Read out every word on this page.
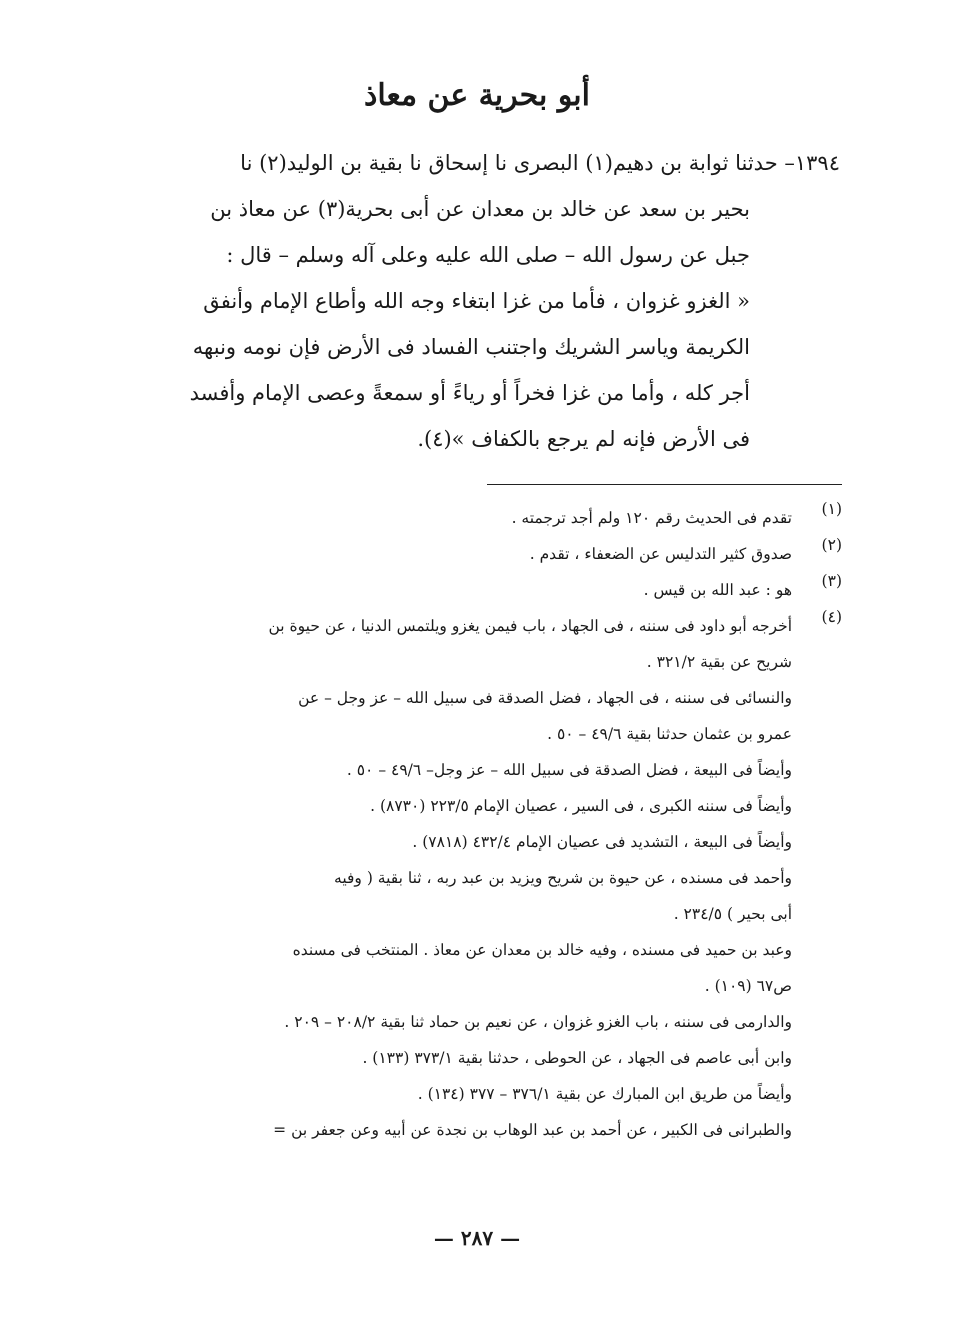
أبو بحرية عن معاذ
١٣٩٤– حدثنا ثوابة بن دهيم(١) البصرى نا إسحاق نا بقية بن الوليد(٢) نا
بحير بن سعد عن خالد بن معدان عن أبى بحرية(٣) عن معاذ بن
جبل عن رسول الله – صلى الله عليه وعلى آله وسلم – قال :
« الغزو غزوان ، فأما من غزا ابتغاء وجه الله وأطاع الإمام وأنفق
الكريمة وياسر الشريك واجتنب الفساد فى الأرض فإن نومه ونبهه
أجر كله ، وأما من غزا فخراً أو رياءً أو سمعةً وعصى الإمام وأفسد
فى الأرض فإنه لم يرجع بالكفاف »(٤).
(١)
تقدم فى الحديث رقم ١٢٠ ولم أجد ترجمته .
(٢)
صدوق كثير التدليس عن الضعفاء ، تقدم .
(٣)
هو : عبد الله بن قيس .
(٤)
أخرجه أبو داود فى سننه ، فى الجهاد ، باب فيمن يغزو ويلتمس الدنيا ، عن حيوة بن
شريح عن بقية ٣٢١/٢ .
والنسائى فى سننه ، فى الجهاد ، فضل الصدقة فى سبيل الله – عز وجل – عن
عمرو بن عثمان حدثنا بقية ٤٩/٦ – ٥٠ .
وأيضاً فى البيعة ، فضل الصدقة فى سبيل الله – عز وجل– ٤٩/٦ – ٥٠ .
وأيضاً فى سننه الكبرى ، فى السير ، عصيان الإمام ٢٢٣/٥ (٨٧٣٠) .
وأيضاً فى البيعة ، التشديد فى عصيان الإمام ٤٣٢/٤ (٧٨١٨) .
وأحمد فى مسنده ، عن حيوة بن شريح ويزيد بن عبد ربه ، ثنا بقية ( وفيه
أبى بحير ) ٢٣٤/٥ .
وعبد بن حميد فى مسنده ، وفيه خالد بن معدان عن معاذ . المنتخب فى مسنده
ص٦٧ (١٠٩) .
والدارمى فى سننه ، باب الغزو غزوان ، عن نعيم بن حماد ثنا بقية ٢٠٨/٢ – ٢٠٩ .
وابن أبى عاصم فى الجهاد ، عن الحوطى ، حدثنا بقية ٣٧٣/١ (١٣٣) .
وأيضاً من طريق ابن المبارك عن بقية ٣٧٦/١ – ٣٧٧ (١٣٤) .
والطبرانى فى الكبير ، عن أحمد بن عبد الوهاب بن نجدة عن أبيه وعن جعفر بن =
— ٢٨٧ —
